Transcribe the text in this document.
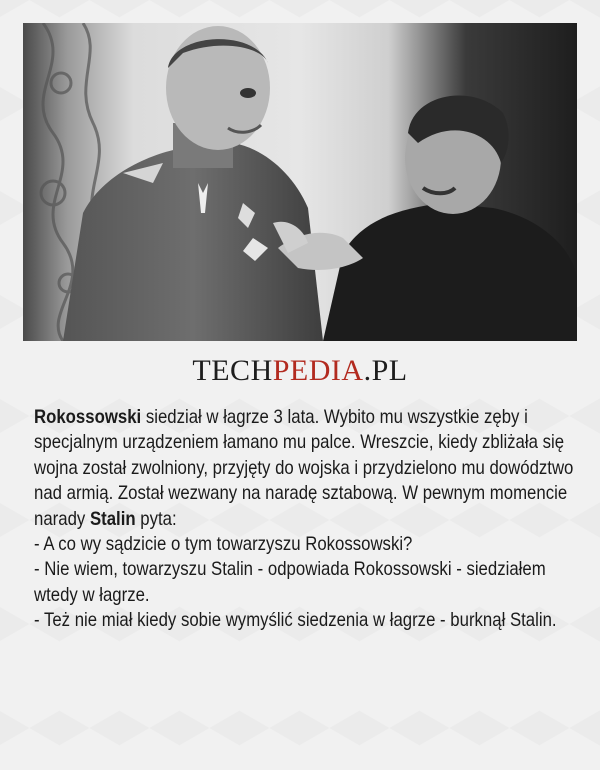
TECHPEDIA.PL

Rokossowski siedział w łagrze 3 lata. Wybito mu wszystkie zęby i specjalnym urządzeniem łamano mu palce. Wreszcie, kiedy zbliżała się wojna został zwolniony, przyjęty do wojska i przydzielono mu dowództwo nad armią. Został wezwany na naradę sztabową. W pewnym momencie narady Stalin pyta:

- A co wy sądzicie o tym towarzyszu Rokossowski?

- Nie wiem, towarzyszu Stalin - odpowiada Rokossowski - siedziałem wtedy w łagrze.

- Też nie miał kiedy sobie wymyślić siedzenia w łagrze - burknął Stalin.
